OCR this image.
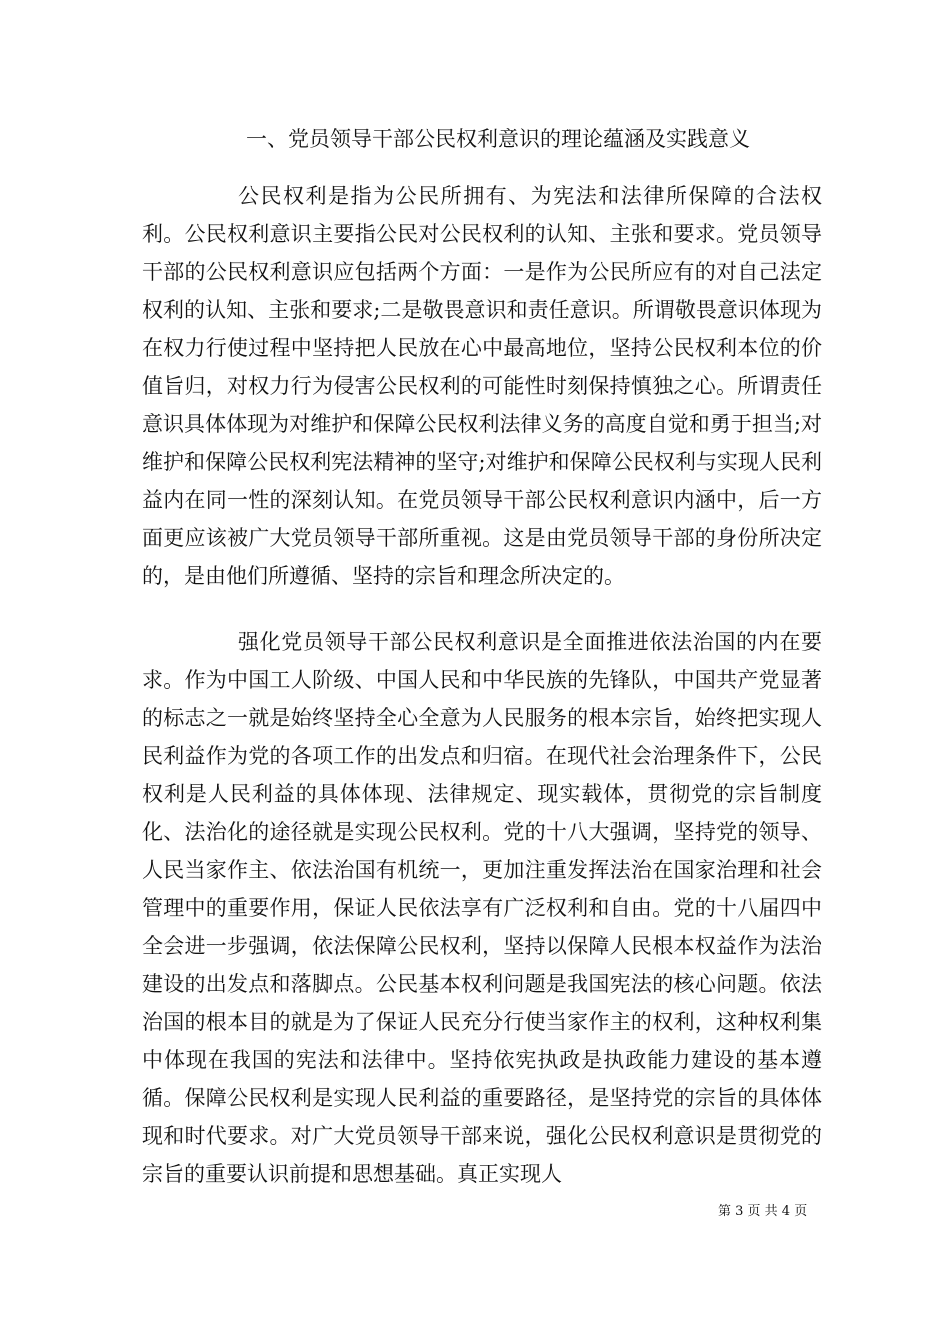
一、党员领导干部公民权利意识的理论蕴涵及实践意义

公民权利是指为公民所拥有、为宪法和法律所保障的合法权利。公民权利意识主要指公民对公民权利的认知、主张和要求。党员领导干部的公民权利意识应包括两个方面：一是作为公民所应有的对自己法定权利的认知、主张和要求;二是敬畏意识和责任意识。所谓敬畏意识体现为在权力行使过程中坚持把人民放在心中最高地位，坚持公民权利本位的价值旨归，对权力行为侵害公民权利的可能性时刻保持慎独之心。所谓责任意识具体体现为对维护和保障公民权利法律义务的高度自觉和勇于担当;对维护和保障公民权利宪法精神的坚守;对维护和保障公民权利与实现人民利益内在同一性的深刻认知。在党员领导干部公民权利意识内涵中，后一方面更应该被广大党员领导干部所重视。这是由党员领导干部的身份所决定的，是由他们所遵循、坚持的宗旨和理念所决定的。

强化党员领导干部公民权利意识是全面推进依法治国的内在要求。作为中国工人阶级、中国人民和中华民族的先锋队，中国共产党显著的标志之一就是始终坚持全心全意为人民服务的根本宗旨，始终把实现人民利益作为党的各项工作的出发点和归宿。在现代社会治理条件下，公民权利是人民利益的具体体现、法律规定、现实载体，贯彻党的宗旨制度化、法治化的途径就是实现公民权利。党的十八大强调，坚持党的领导、人民当家作主、依法治国有机统一，更加注重发挥法治在国家治理和社会管理中的重要作用，保证人民依法享有广泛权利和自由。党的十八届四中全会进一步强调，依法保障公民权利，坚持以保障人民根本权益作为法治建设的出发点和落脚点。公民基本权利问题是我国宪法的核心问题。依法治国的根本目的就是为了保证人民充分行使当家作主的权利，这种权利集中体现在我国的宪法和法律中。坚持依宪执政是执政能力建设的基本遵循。保障公民权利是实现人民利益的重要路径，是坚持党的宗旨的具体体现和时代要求。对广大党员领导干部来说，强化公民权利意识是贯彻党的宗旨的重要认识前提和思想基础。真正实现人

第 3 页 共 4 页
